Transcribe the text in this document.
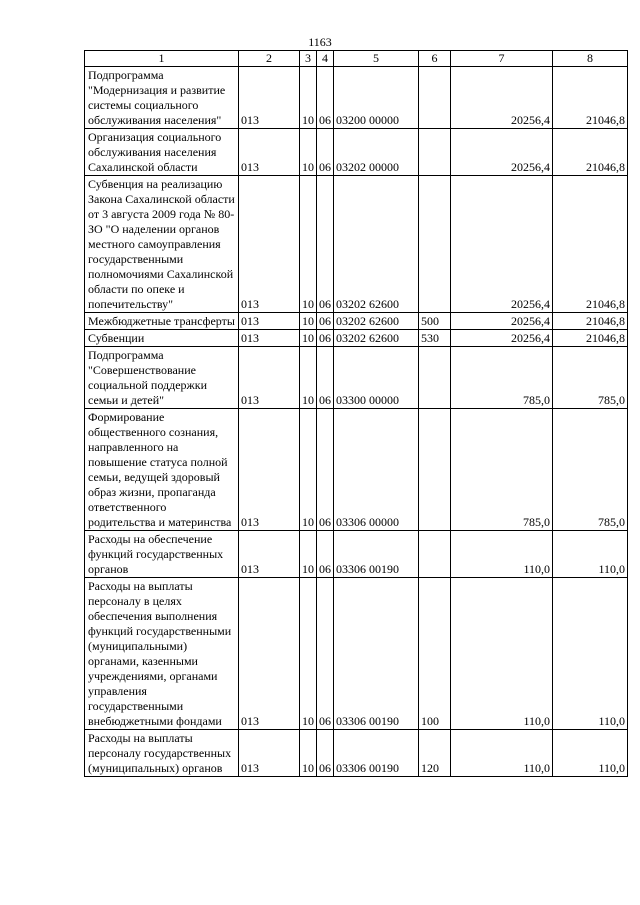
1163
1	2	3	4	5	6	7	8
Подпрограмма "Модернизация и развитие системы социального обслуживания населения"	013	10	06	03200 00000		20256,4	21046,8
Организация социального обслуживания населения Сахалинской области	013	10	06	03202 00000		20256,4	21046,8
Субвенция на реализацию Закона Сахалинской области от 3 августа 2009 года № 80-ЗО "О наделении органов местного самоуправления государственными полномочиями Сахалинской области по опеке и попечительству"	013	10	06	03202 62600		20256,4	21046,8
Межбюджетные трансферты	013	10	06	03202 62600	500	20256,4	21046,8
Субвенции	013	10	06	03202 62600	530	20256,4	21046,8
Подпрограмма "Совершенствование социальной поддержки семьи и детей"	013	10	06	03300 00000		785,0	785,0
Формирование общественного сознания, направленного на повышение статуса полной семьи, ведущей здоровый образ жизни, пропаганда ответственного родительства и материнства	013	10	06	03306 00000		785,0	785,0
Расходы на обеспечение функций государственных органов	013	10	06	03306 00190		110,0	110,0
Расходы на выплаты персоналу в целях обеспечения выполнения функций государственными (муниципальными) органами, казенными учреждениями, органами управления государственными внебюджетными фондами	013	10	06	03306 00190	100	110,0	110,0
Расходы на выплаты персоналу государственных (муниципальных) органов	013	10	06	03306 00190	120	110,0	110,0
